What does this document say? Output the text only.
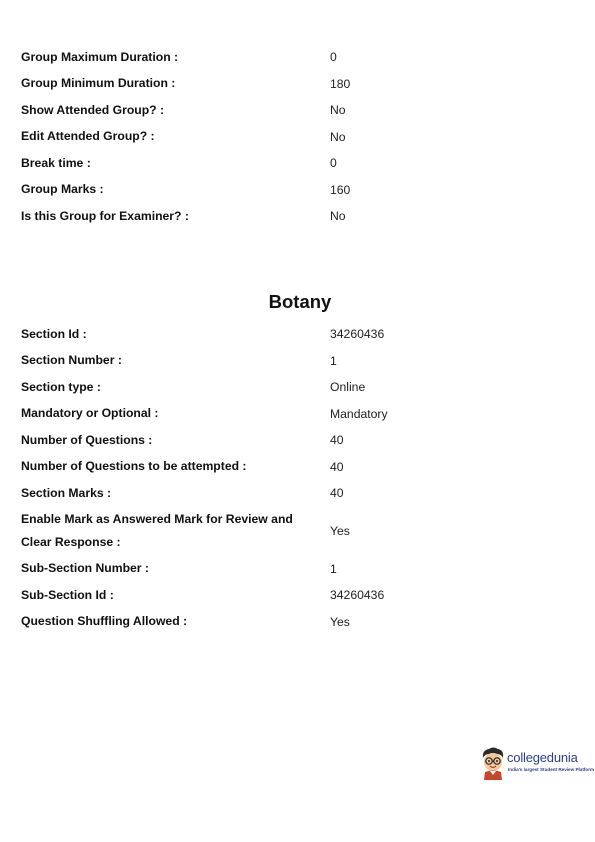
Group Maximum Duration :	0
Group Minimum Duration :	180
Show Attended Group? :	No
Edit Attended Group? :	No
Break time :	0
Group Marks :	160
Is this Group for Examiner? :	No
Botany
Section Id :	34260436
Section Number :	1
Section type :	Online
Mandatory or Optional :	Mandatory
Number of Questions :	40
Number of Questions to be attempted :	40
Section Marks :	40
Enable Mark as Answered Mark for Review and
Clear Response :	Yes
Sub-Section Number :	1
Sub-Section Id :	34260436
Question Shuffling Allowed :	Yes
collegedunia
India's largest Student Review Platform
